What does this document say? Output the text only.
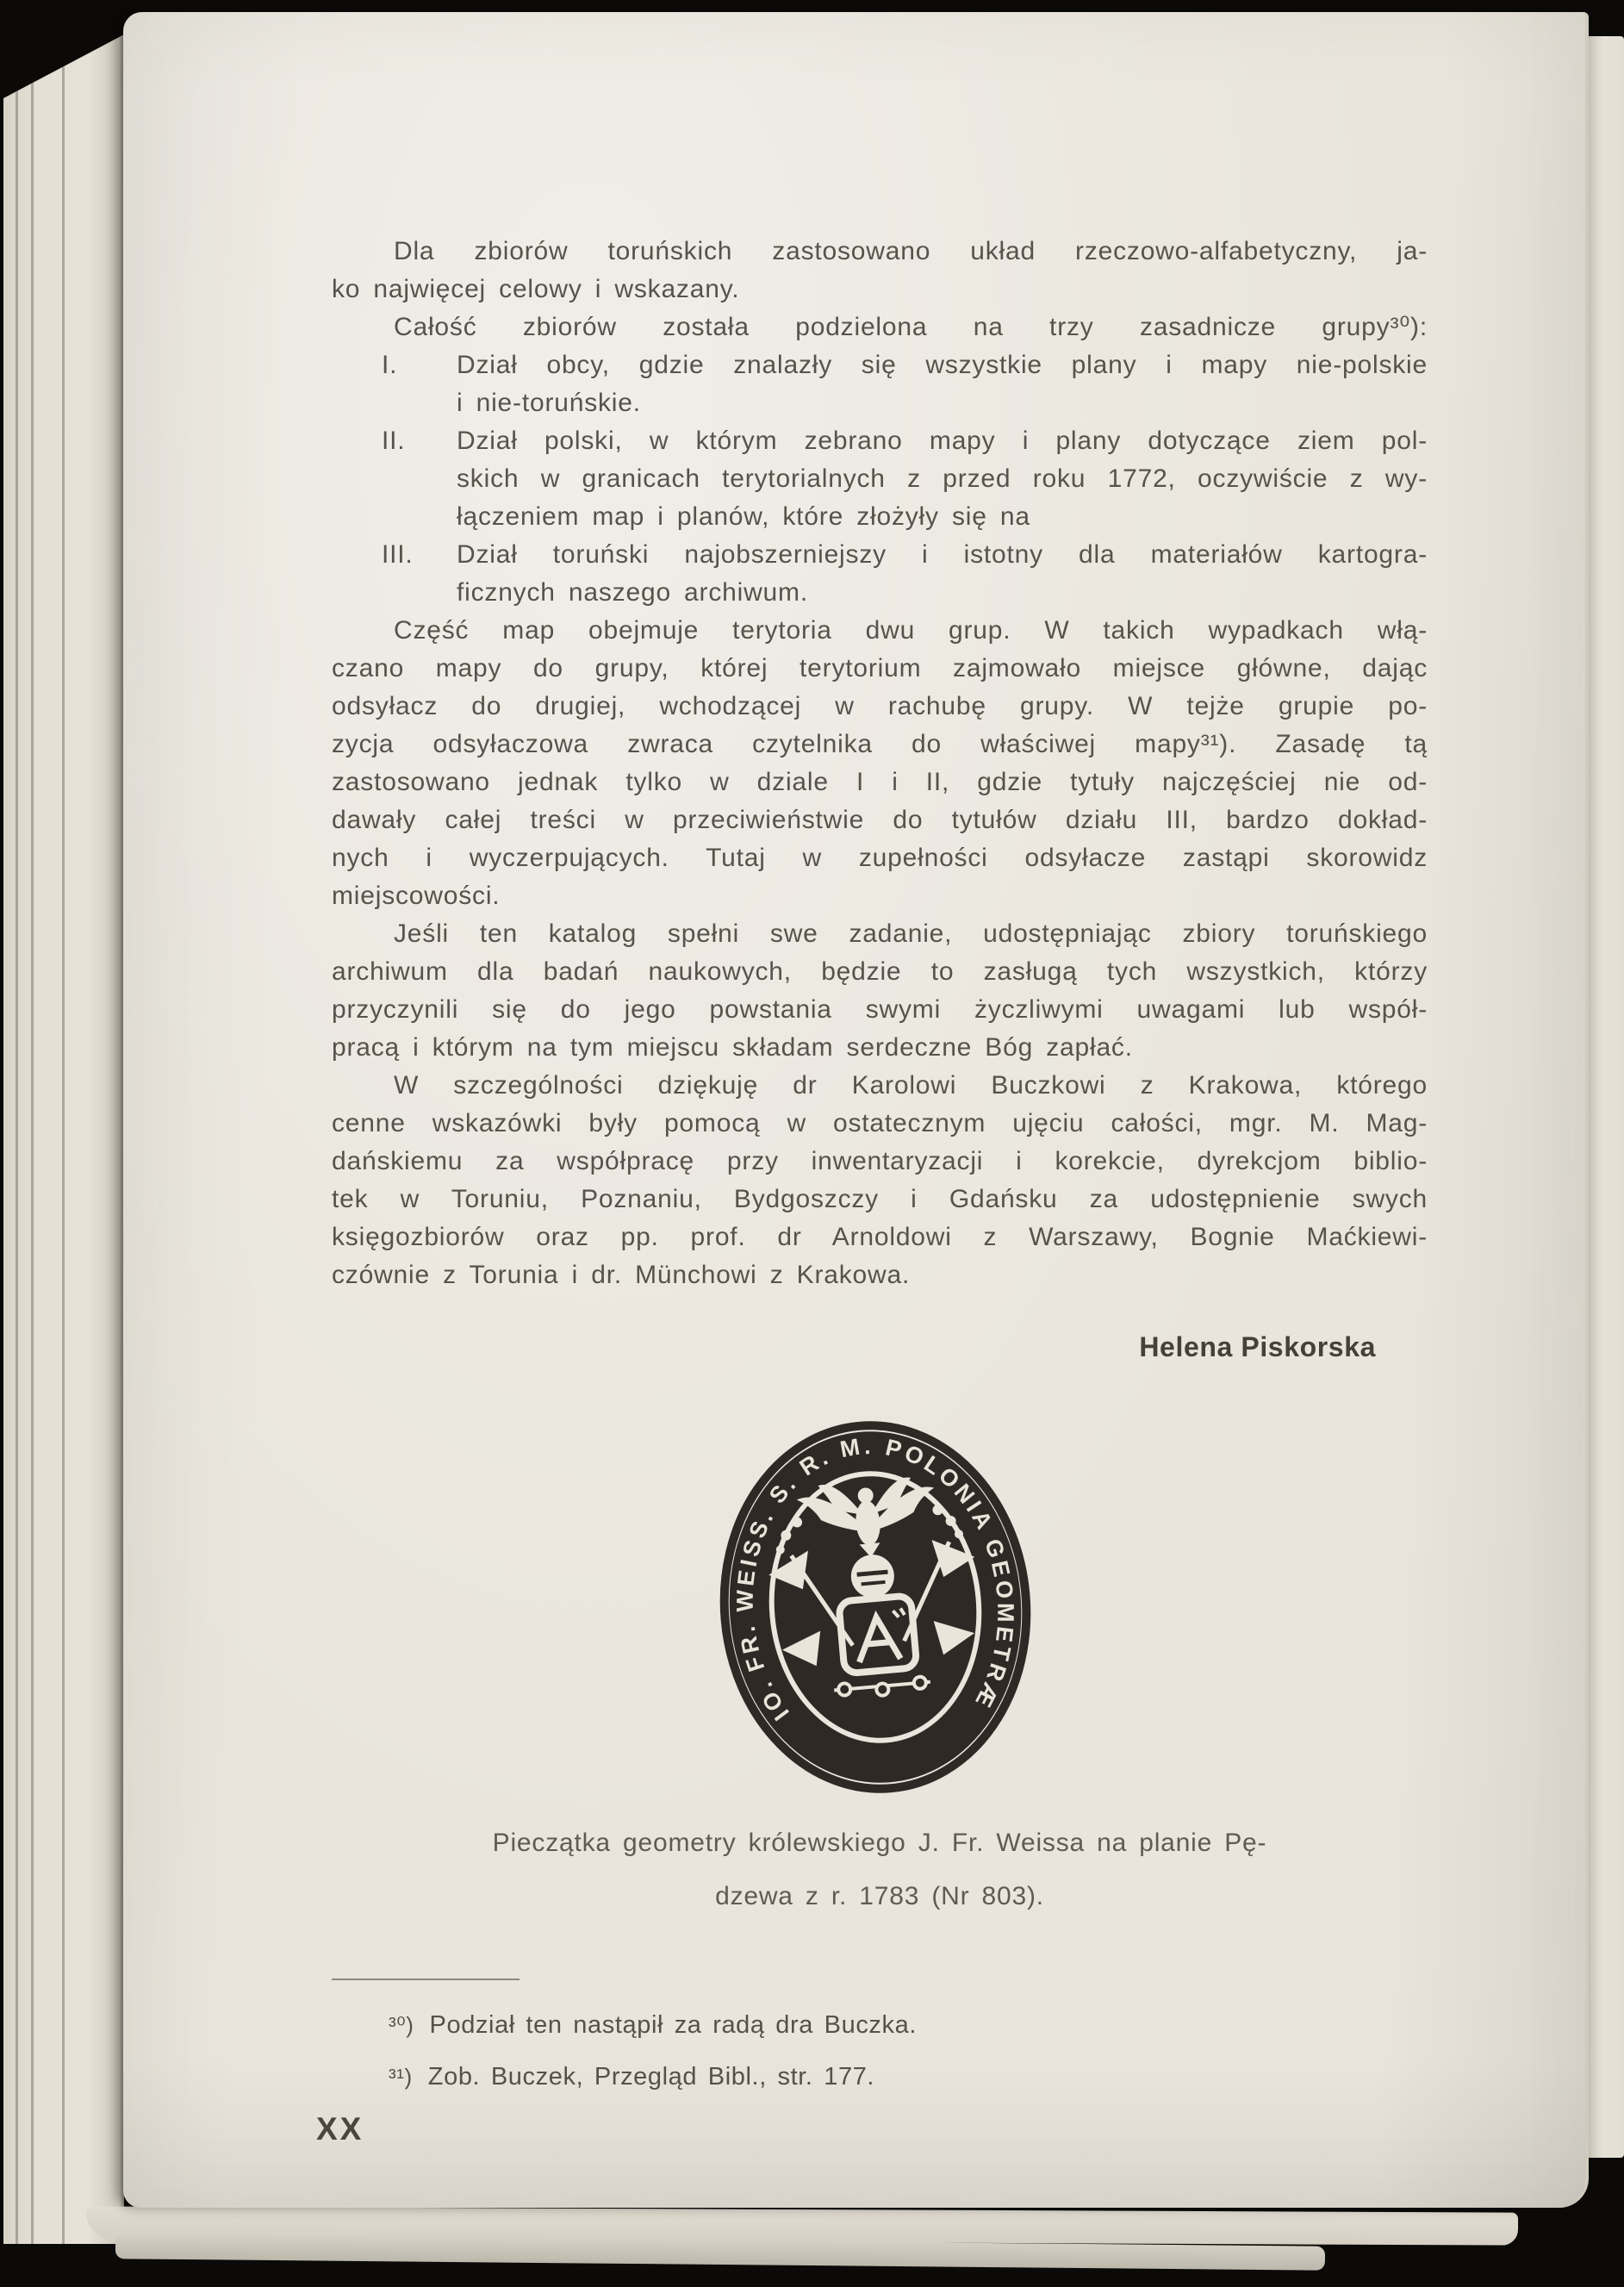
Dla zbiorów toruńskich zastosowano układ rzeczowo-alfabetyczny, ja-
ko najwięcej celowy i wskazany.
Całość zbiorów została podzielona na trzy zasadnicze grupy³⁰):
I.	Dział obcy, gdzie znalazły się wszystkie plany i mapy nie-polskie
i nie-toruńskie.
II.	Dział polski, w którym zebrano mapy i plany dotyczące ziem pol-
skich w granicach terytorialnych z przed roku 1772, oczywiście z wy-
łączeniem map i planów, które złożyły się na
III.	Dział toruński najobszerniejszy i istotny dla materiałów kartogra-
ficznych naszego archiwum.
Część map obejmuje terytoria dwu grup. W takich wypadkach włą-
czano mapy do grupy, której terytorium zajmowało miejsce główne, dając
odsyłacz do drugiej, wchodzącej w rachubę grupy. W tejże grupie po-
zycja odsyłaczowa zwraca czytelnika do właściwej mapy³¹). Zasadę tą
zastosowano jednak tylko w dziale I i II, gdzie tytuły najczęściej nie od-
dawały całej treści w przeciwieństwie do tytułów działu III, bardzo dokład-
nych i wyczerpujących. Tutaj w zupełności odsyłacze zastąpi skorowidz
miejscowości.
Jeśli ten katalog spełni swe zadanie, udostępniając zbiory toruńskiego
archiwum dla badań naukowych, będzie to zasługą tych wszystkich, którzy
przyczynili się do jego powstania swymi życzliwymi uwagami lub współ-
pracą i którym na tym miejscu składam serdeczne Bóg zapłać.
W szczególności dziękuję dr Karolowi Buczkowi z Krakowa, którego
cenne wskazówki były pomocą w ostatecznym ujęciu całości, mgr. M. Mag-
dańskiemu za współpracę przy inwentaryzacji i korekcie, dyrekcjom biblio-
tek w Toruniu, Poznaniu, Bydgoszczy i Gdańsku za udostępnienie swych
księgozbiorów oraz pp. prof. dr Arnoldowi z Warszawy, Bognie Maćkiewi-
czównie z Torunia i dr. Münchowi z Krakowa.
Helena Piskorska
IO. FR. WEISS. S. R. M. POLONIA GEOMETRÆ
Pieczątka geometry królewskiego J. Fr. Weissa na planie Pę-
dzewa z r. 1783 (Nr 803).
³⁰) Podział ten nastąpił za radą dra Buczka.
³¹) Zob. Buczek, Przegląd Bibl., str. 177.
XX
